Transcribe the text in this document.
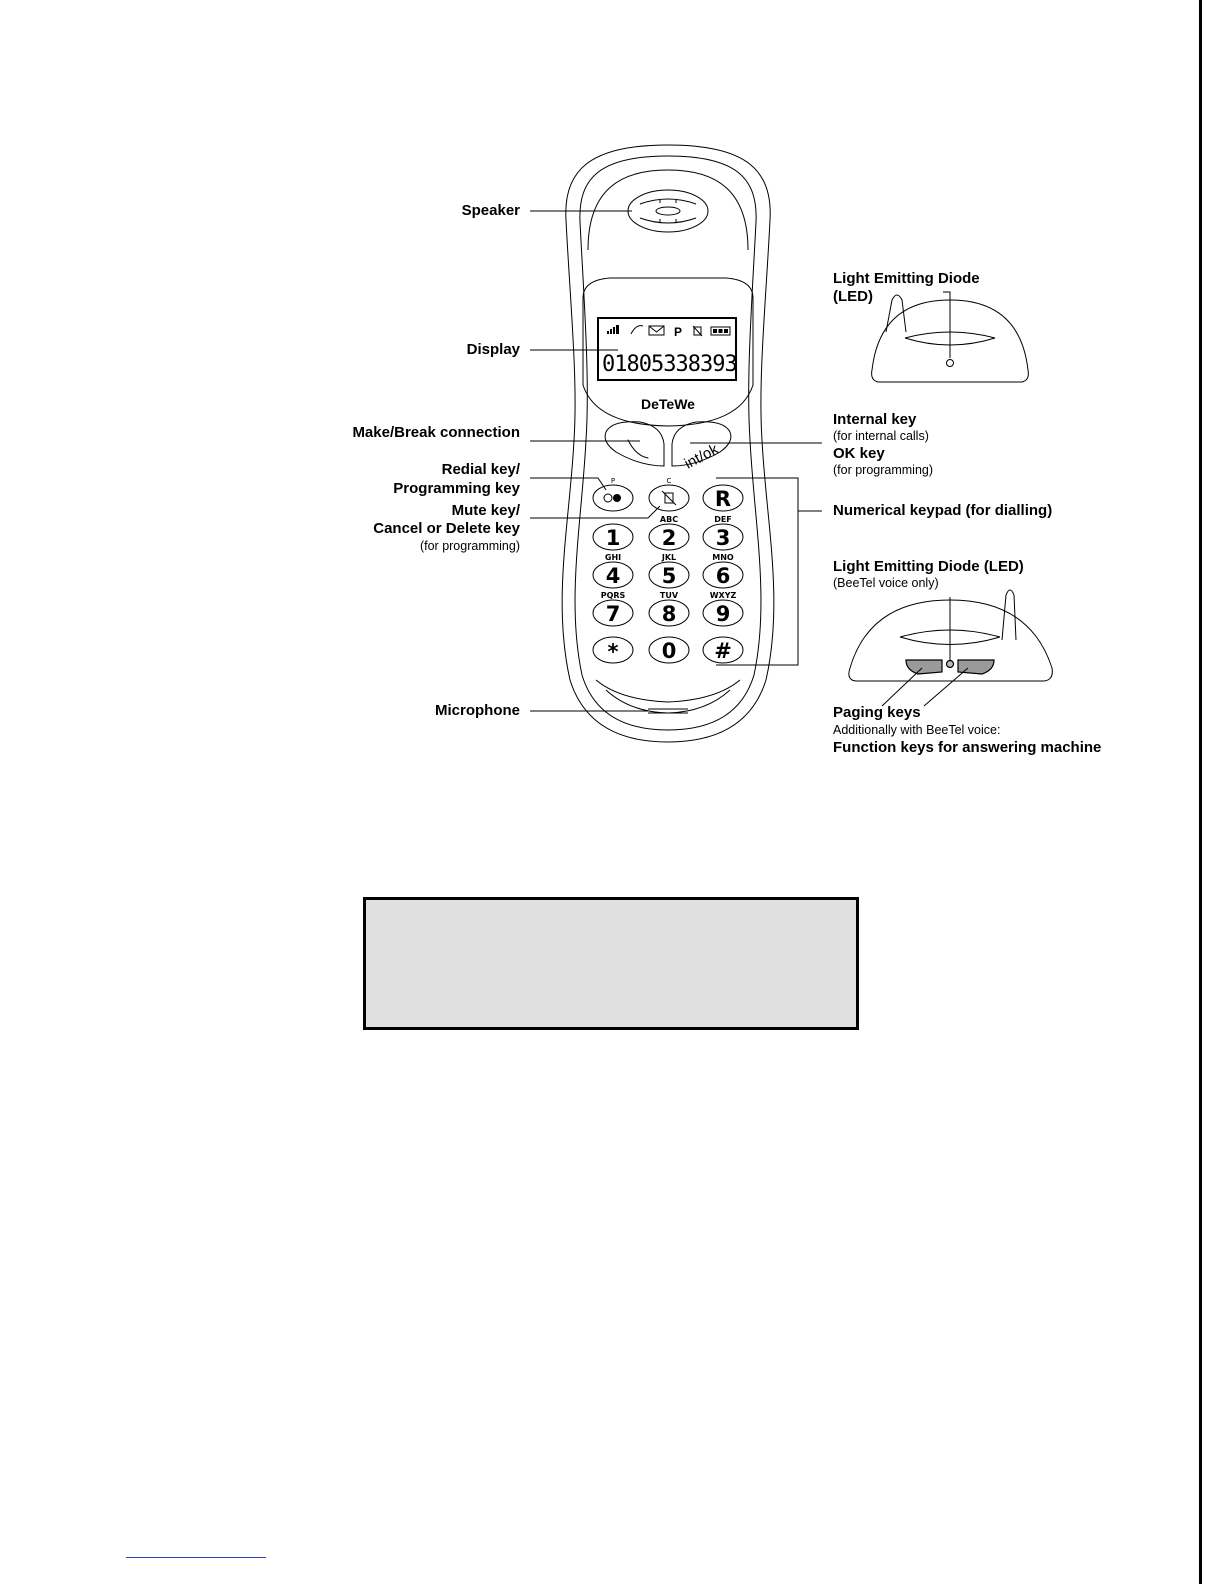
P
01805338393
DeTeWe
int/ok
P	C
R
1
ABC
2
DEF
3
GHI
4
JKL
5
MNO
6
PQRS
7
TUV
8
WXYZ
9
* 0 #
Speaker
Display
Make/Break connection
Redial key/
Programming key
Mute key/
Cancel or Delete key
(for programming)
Microphone
Light Emitting Diode
(LED)
Internal key
(for internal calls)
OK key
(for programming)
Numerical keypad (for dialling)
Light Emitting Diode (LED)
(BeeTel voice only)
Paging keys
Additionally with BeeTel voice:
Function keys for answering machine
